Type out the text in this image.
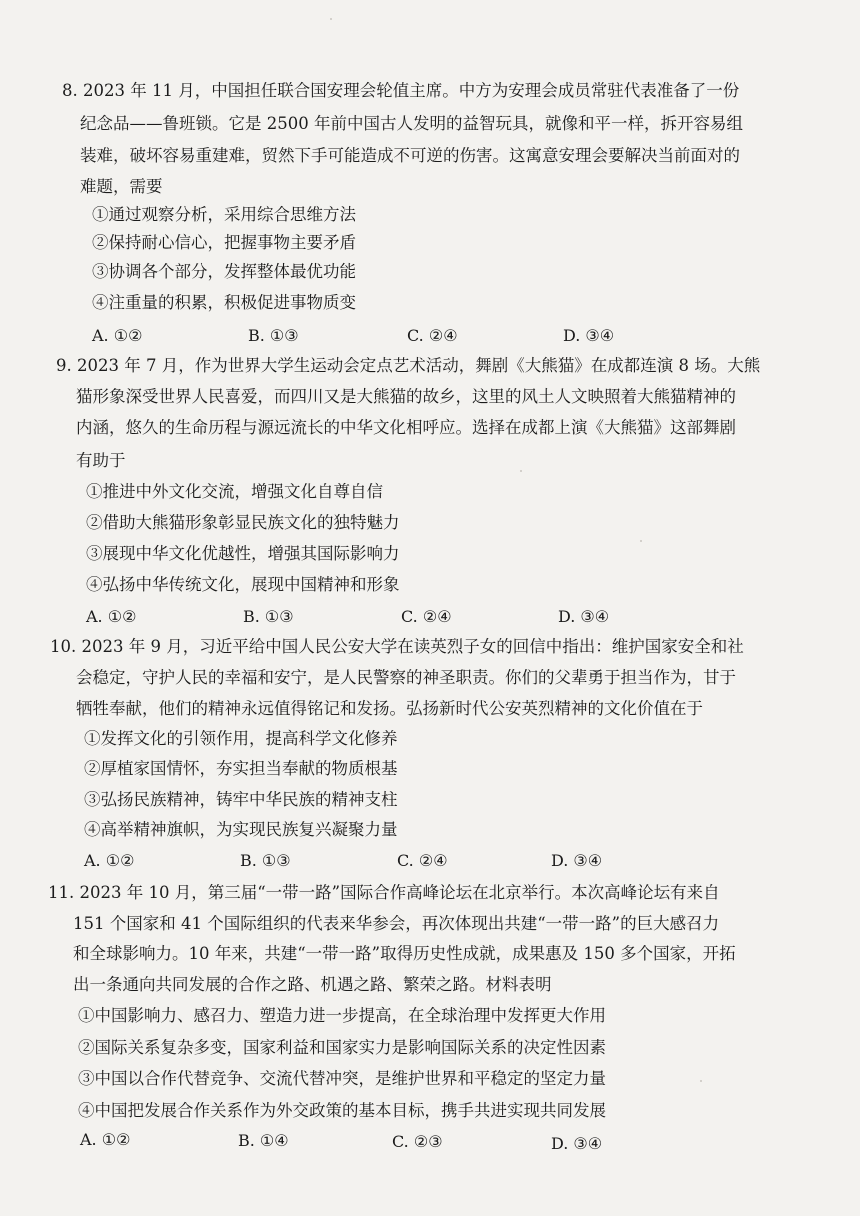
8. 2023 年 11 月，中国担任联合国安理会轮值主席。中方为安理会成员常驻代表准备了一份
纪念品——鲁班锁。它是 2500 年前中国古人发明的益智玩具，就像和平一样，拆开容易组
装难，破坏容易重建难，贸然下手可能造成不可逆的伤害。这寓意安理会要解决当前面对的
难题，需要
①通过观察分析，采用综合思维方法
②保持耐心信心，把握事物主要矛盾
③协调各个部分，发挥整体最优功能
④注重量的积累，积极促进事物质变
A. ①②	B. ①③	C. ②④	D. ③④
9. 2023 年 7 月，作为世界大学生运动会定点艺术活动，舞剧《大熊猫》在成都连演 8 场。大熊
猫形象深受世界人民喜爱，而四川又是大熊猫的故乡，这里的风土人文映照着大熊猫精神的
内涵，悠久的生命历程与源远流长的中华文化相呼应。选择在成都上演《大熊猫》这部舞剧
有助于
①推进中外文化交流，增强文化自尊自信
②借助大熊猫形象彰显民族文化的独特魅力
③展现中华文化优越性，增强其国际影响力
④弘扬中华传统文化，展现中国精神和形象
A. ①②	B. ①③	C. ②④	D. ③④
10. 2023 年 9 月，习近平给中国人民公安大学在读英烈子女的回信中指出：维护国家安全和社
会稳定，守护人民的幸福和安宁，是人民警察的神圣职责。你们的父辈勇于担当作为，甘于
牺牲奉献，他们的精神永远值得铭记和发扬。弘扬新时代公安英烈精神的文化价值在于
①发挥文化的引领作用，提高科学文化修养
②厚植家国情怀，夯实担当奉献的物质根基
③弘扬民族精神，铸牢中华民族的精神支柱
④高举精神旗帜，为实现民族复兴凝聚力量
A. ①②	B. ①③	C. ②④	D. ③④
11. 2023 年 10 月，第三届“一带一路”国际合作高峰论坛在北京举行。本次高峰论坛有来自
151 个国家和 41 个国际组织的代表来华参会，再次体现出共建“一带一路”的巨大感召力
和全球影响力。10 年来，共建“一带一路”取得历史性成就，成果惠及 150 多个国家，开拓
出一条通向共同发展的合作之路、机遇之路、繁荣之路。材料表明
①中国影响力、感召力、塑造力进一步提高，在全球治理中发挥更大作用
②国际关系复杂多变，国家利益和国家实力是影响国际关系的决定性因素
③中国以合作代替竞争、交流代替冲突，是维护世界和平稳定的坚定力量
④中国把发展合作关系作为外交政策的基本目标，携手共进实现共同发展
A. ①②	B. ①④	C. ②③	D. ③④
